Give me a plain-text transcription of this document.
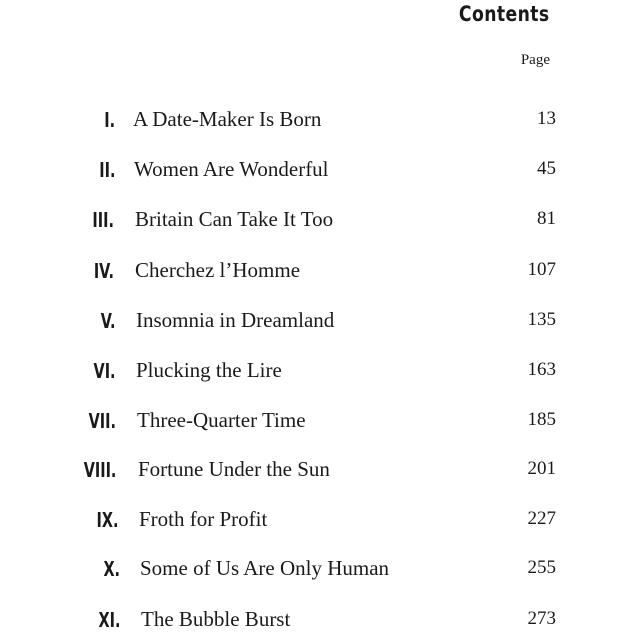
Contents
Page
I. A Date-Maker Is Born	13
II. Women Are Wonderful	45
III. Britain Can Take It Too	81
IV. Cherchez l’Homme	107
V. Insomnia in Dreamland	135
VI. Plucking the Lire	163
VII. Three-Quarter Time	185
VIII. Fortune Under the Sun	201
IX. Froth for Profit	227
X. Some of Us Are Only Human	255
XI. The Bubble Burst	273
